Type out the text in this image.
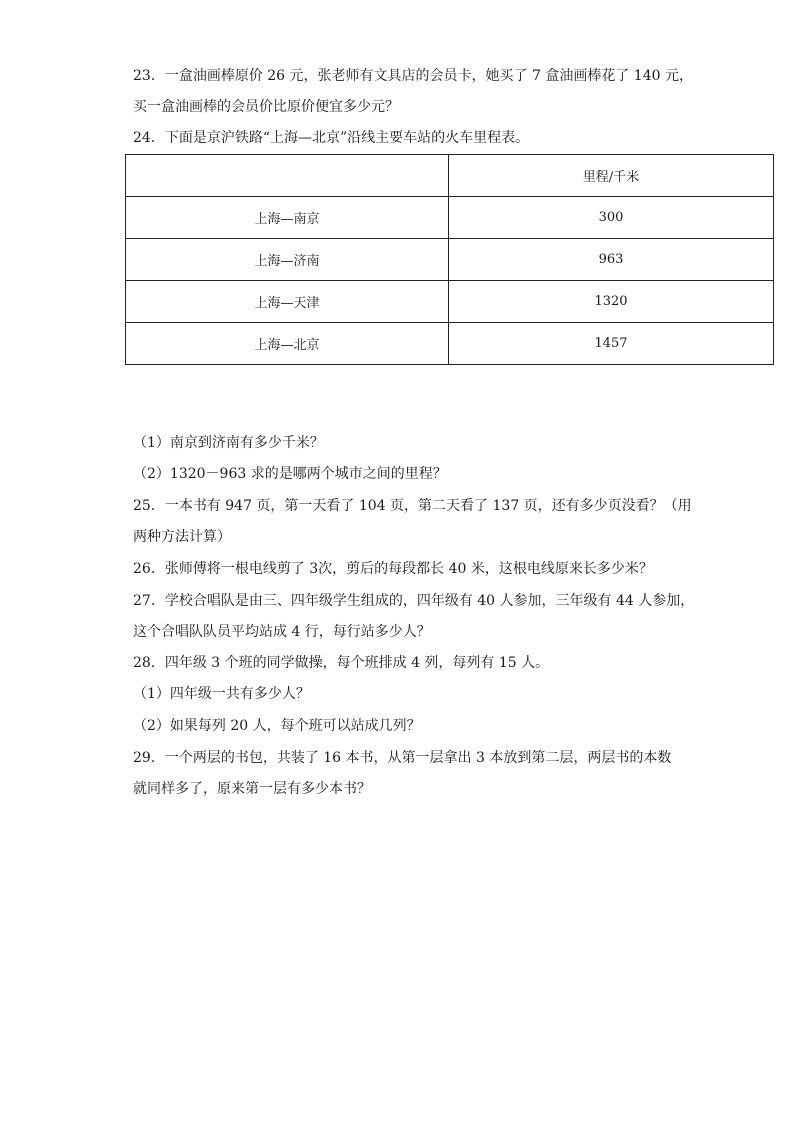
23．一盒油画棒原价 26 元，张老师有文具店的会员卡，她买了 7 盒油画棒花了 140 元，
买一盒油画棒的会员价比原价便宜多少元？
24．下面是京沪铁路“上海—北京”沿线主要车站的火车里程表。
	里程/千米
上海—南京	300
上海—济南	963
上海—天津	1320
上海—北京	1457
（1）南京到济南有多少千米？
（2）1320－963 求的是哪两个城市之间的里程？
25．一本书有 947 页，第一天看了 104 页，第二天看了 137 页，还有多少页没看？（用
两种方法计算）
26．张师傅将一根电线剪了 3次，剪后的每段都长 40 米，这根电线原来长多少米？
27．学校合唱队是由三、四年级学生组成的，四年级有 40 人参加，三年级有 44 人参加，
这个合唱队队员平均站成 4 行，每行站多少人？
28．四年级 3 个班的同学做操，每个班排成 4 列，每列有 15 人。
（1）四年级一共有多少人？
（2）如果每列 20 人，每个班可以站成几列？
29．一个两层的书包，共装了 16 本书，从第一层拿出 3 本放到第二层，两层书的本数
就同样多了，原来第一层有多少本书？
